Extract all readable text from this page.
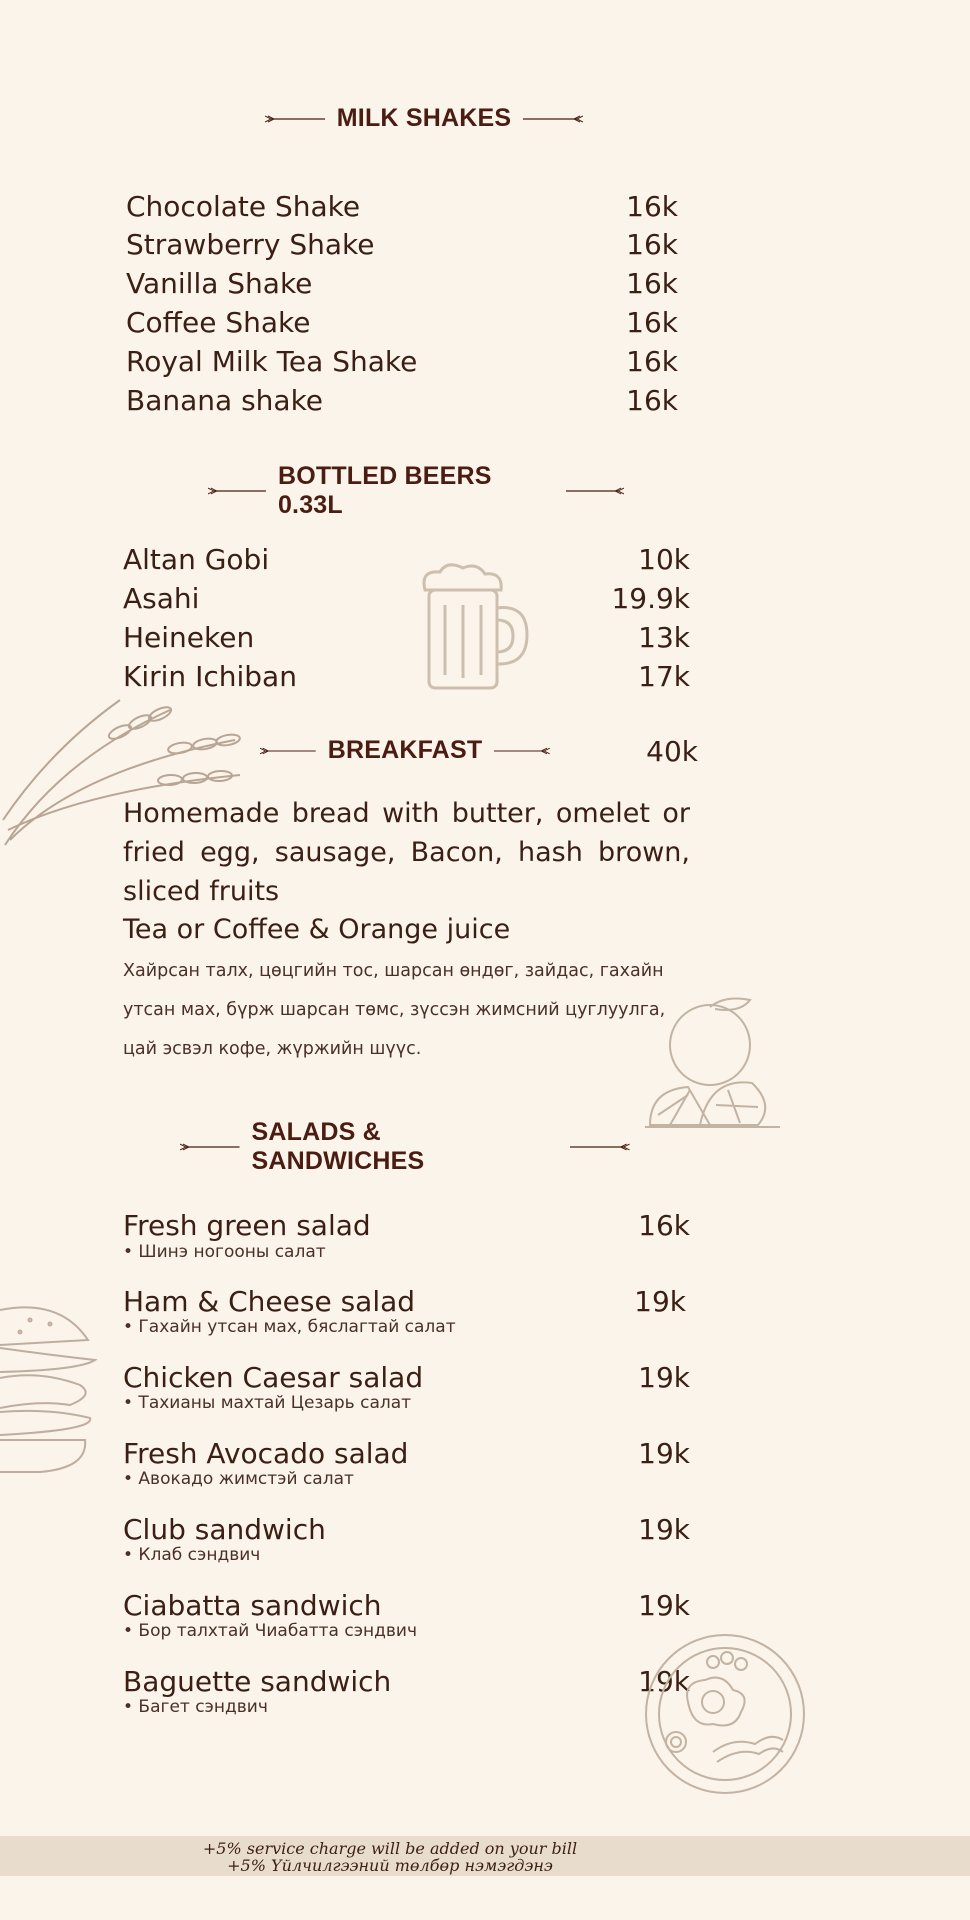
MILK SHAKES
Chocolate Shake	16k
Strawberry Shake	16k
Vanilla Shake	16k
Coffee Shake	16k
Royal Milk Tea Shake	16k
Banana shake	16k
BOTTLED BEERS 0.33L
Altan Gobi	10k
Asahi	19.9k
Heineken	13k
Kirin Ichiban	17k
BREAKFAST	40k
Homemade bread with butter, omelet or fried egg, sausage, Bacon, hash brown, sliced fruits
Tea or Coffee & Orange juice
Хайрсан талх, цөцгийн тос, шарсан өндөг, зайдас, гахайн
утсан мах, бүрж шарсан төмс, зүссэн жимсний цуглуулга,
цай эсвэл кофе, жүржийн шүүс.
SALADS & SANDWICHES
Fresh green salad
• Шинэ ногооны салат
16k
Ham & Cheese salad
• Гахайн утсан мах, бяслагтай салат
19k
Chicken Caesar salad
• Тахианы махтай Цезарь салат
19k
Fresh Avocado salad
• Авокадо жимстэй салат
19k
Club sandwich
• Клаб сэндвич
19k
Ciabatta sandwich
• Бор талхтай Чиабатта сэндвич
19k
Baguette sandwich
• Багет сэндвич
19k
+5% service charge will be added on your bill
+5% Үйлчилгээний төлбөр нэмэгдэнэ
